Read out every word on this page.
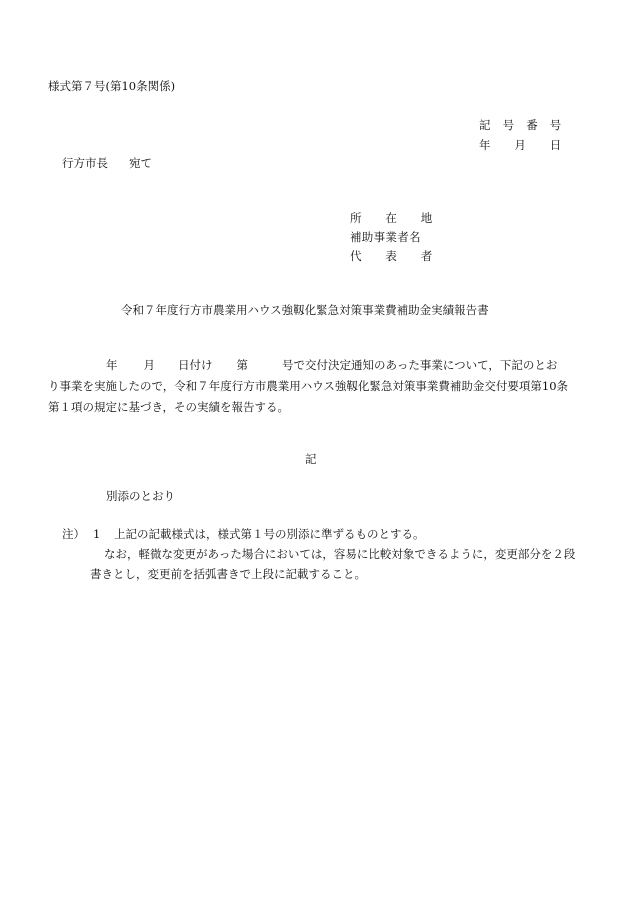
様式第７号(第10条関係)
記　号　番　号
年　　月　　日
行方市長 宛て
所　　在　　地
補助事業者名
代　　表　　者
令和７年度行方市農業用ハウス強靱化緊急対策事業費補助金実績報告書
年 月 日付け 第	号で交付決定通知のあった事業について，下記のとお
り事業を実施したので，令和７年度行方市農業用ハウス強靱化緊急対策事業費補助金交付要項第10条
第１項の規定に基づき，その実績を報告する。
記
別添のとおり
注） 1 上記の記載様式は，様式第１号の別添に準ずるものとする。
なお，軽微な変更があった場合においては，容易に比較対象できるように，変更部分を２段
書きとし，変更前を括弧書きで上段に記載すること。
